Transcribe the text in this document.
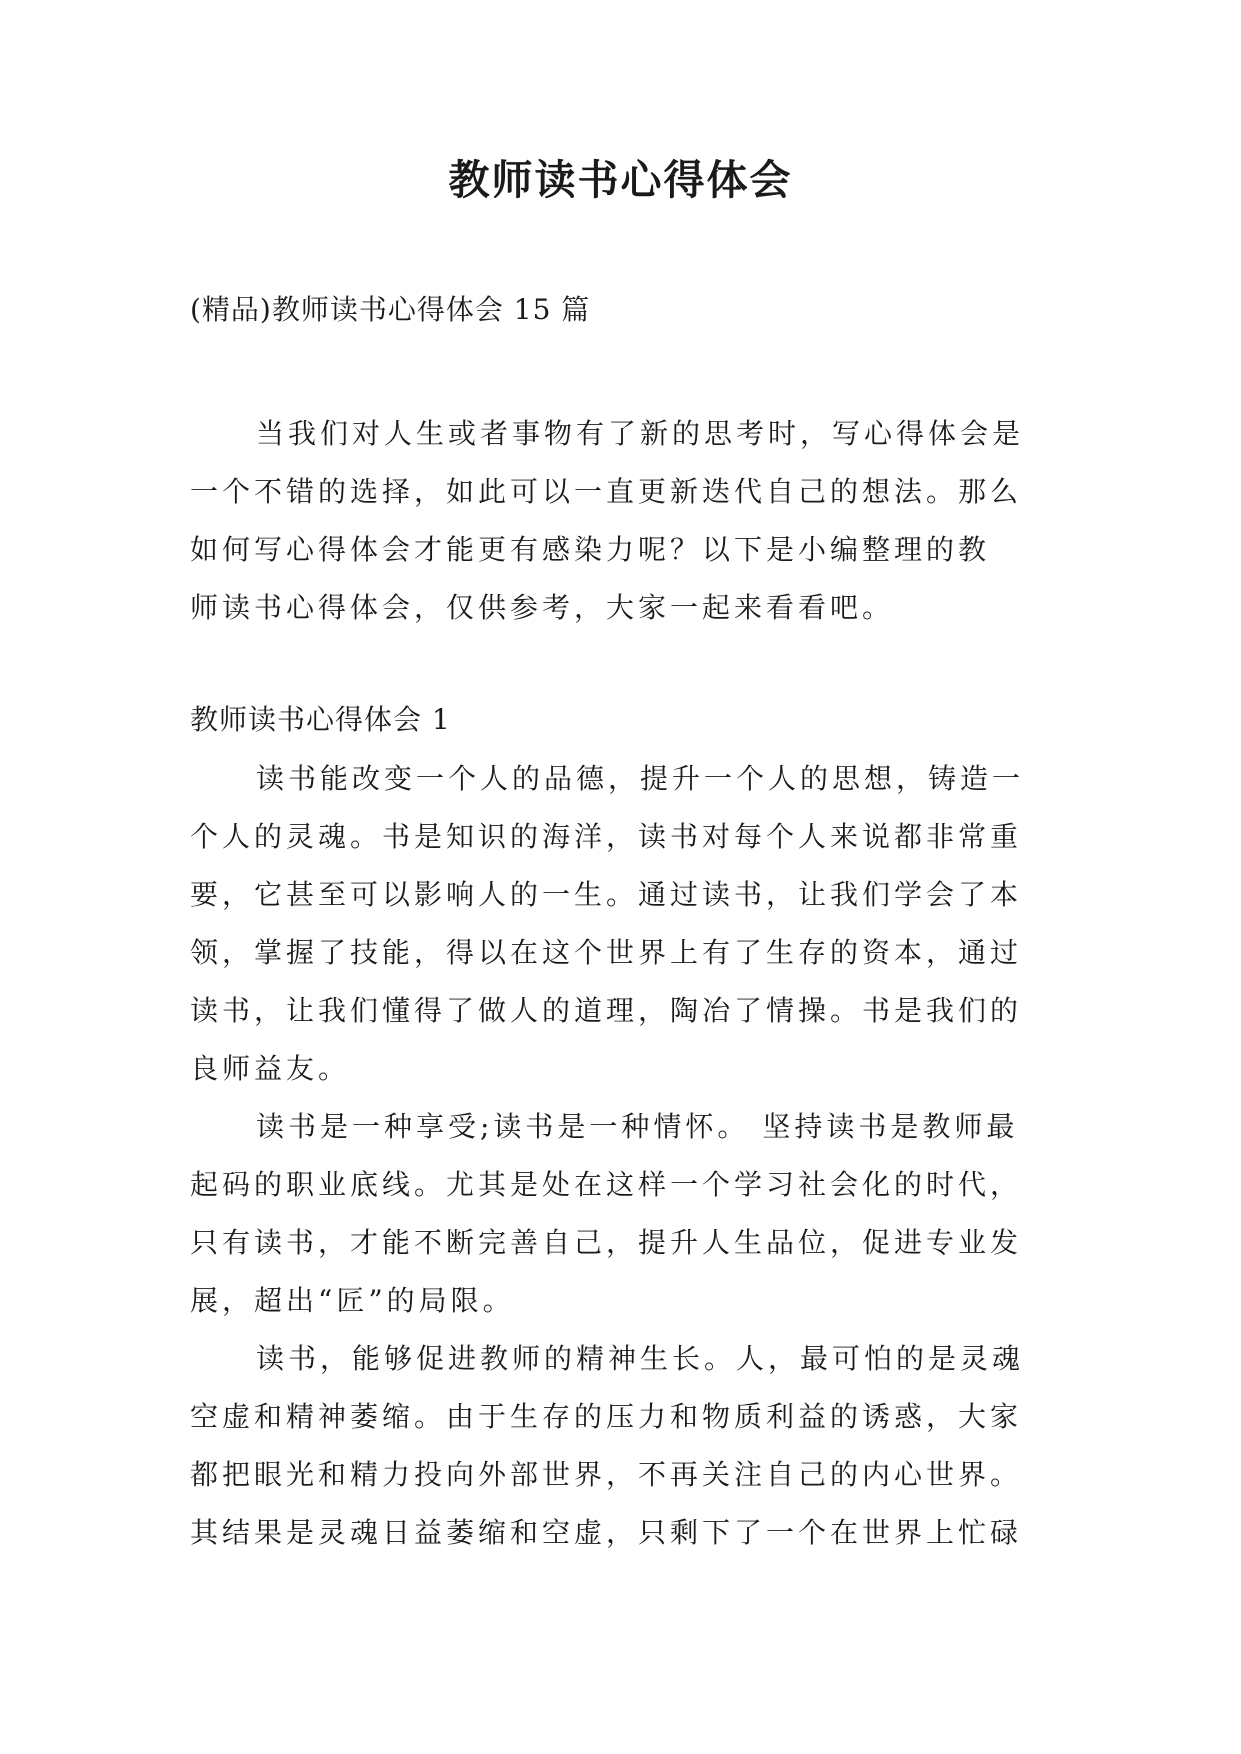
教师读书心得体会
(精品)教师读书心得体会 15 篇
当我们对人生或者事物有了新的思考时，写心得体会是
一个不错的选择，如此可以一直更新迭代自己的想法。那么
如何写心得体会才能更有感染力呢？以下是小编整理的教
师读书心得体会，仅供参考，大家一起来看看吧。
教师读书心得体会 1
读书能改变一个人的品德，提升一个人的思想，铸造一
个人的灵魂。书是知识的海洋，读书对每个人来说都非常重
要，它甚至可以影响人的一生。通过读书，让我们学会了本
领，掌握了技能，得以在这个世界上有了生存的资本，通过
读书，让我们懂得了做人的道理，陶冶了情操。书是我们的
良师益友。
读书是一种享受;读书是一种情怀。 坚持读书是教师最
起码的职业底线。尤其是处在这样一个学习社会化的时代，
只有读书，才能不断完善自己，提升人生品位，促进专业发
展，超出“匠”的局限。
读书，能够促进教师的精神生长。人，最可怕的是灵魂
空虚和精神萎缩。由于生存的压力和物质利益的诱惑，大家
都把眼光和精力投向外部世界，不再关注自己的内心世界。
其结果是灵魂日益萎缩和空虚，只剩下了一个在世界上忙碌
